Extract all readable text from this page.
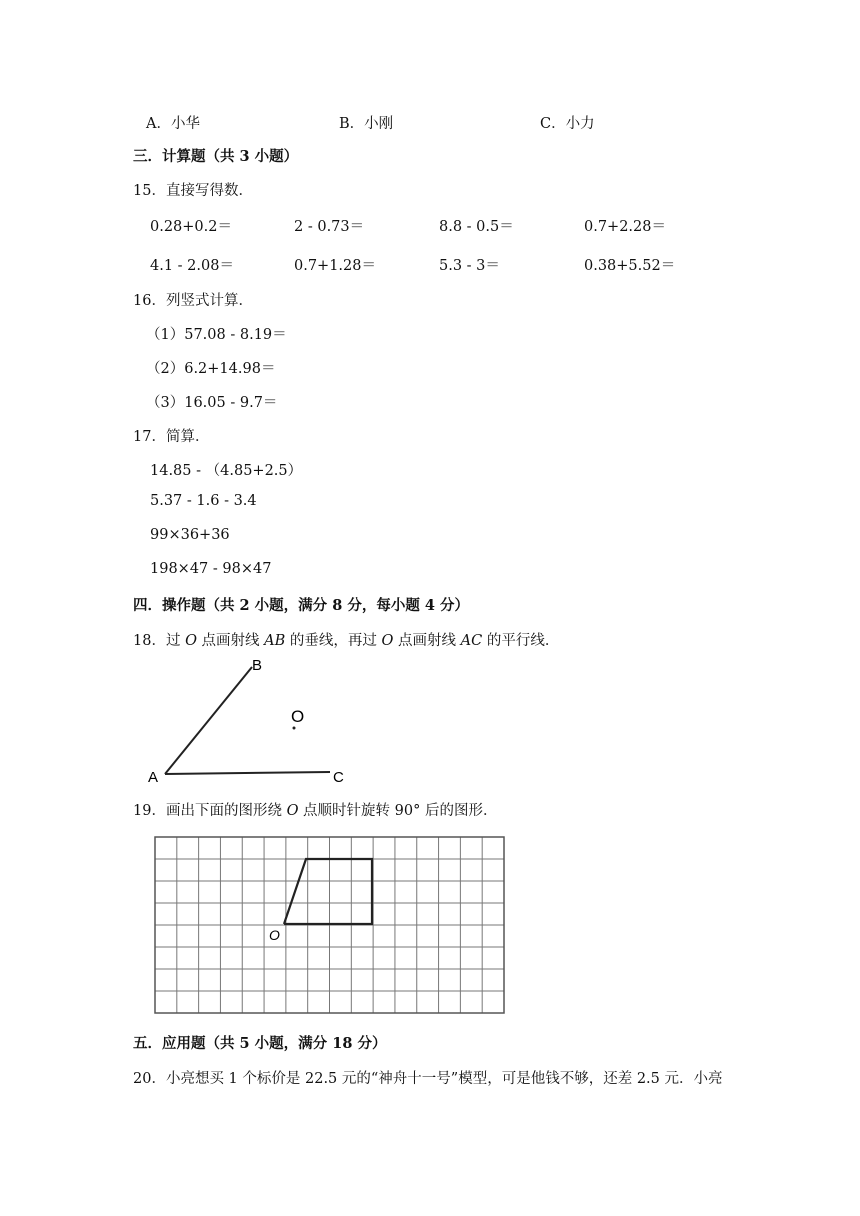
A．小华	B．小刚	C．小力
三．计算题（共 3 小题）
15．直接写得数．
0.28+0.2＝	2 ‑ 0.73＝	8.8 ‑ 0.5＝	0.7+2.28＝
4.1 ‑ 2.08＝	0.7+1.28＝	5.3 ‑ 3＝	0.38+5.52＝
16．列竖式计算．
（1）57.08 ‑ 8.19＝
（2）6.2+14.98＝
（3）16.05 ‑ 9.7＝
17．简算．
14.85 ‑ （4.85+2.5）
5.37 ‑ 1.6 ‑ 3.4
99×36+36
198×47 ‑ 98×47
四．操作题（共 2 小题，满分 8 分，每小题 4 分）
18．过 O 点画射线 AB 的垂线，再过 O 点画射线 AC 的平行线．
A
B
C
O
19．画出下面的图形绕 O 点顺时针旋转 90° 后的图形．
O
五．应用题（共 5 小题，满分 18 分）
20．小亮想买 1 个标价是 22.5 元的“神舟十一号”模型，可是他钱不够，还差 2.5 元．小亮
